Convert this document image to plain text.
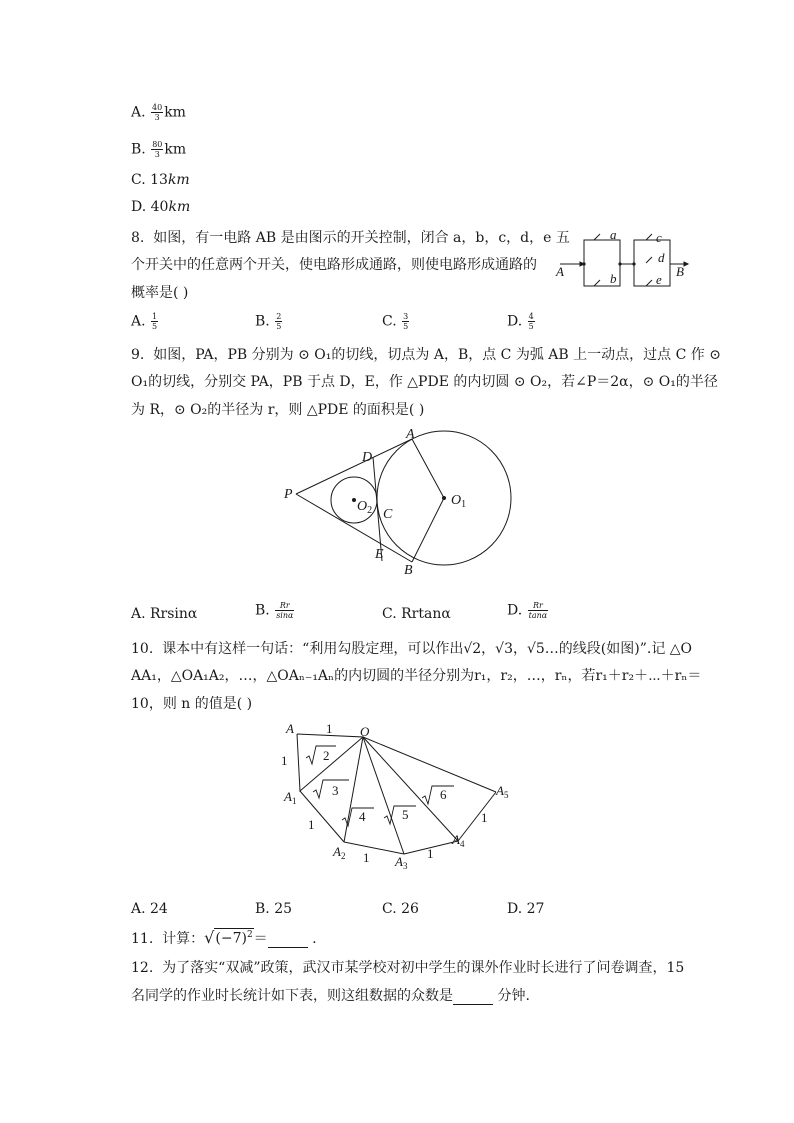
A. $\frac{40}{3}$ km
B. $\frac{80}{3}$ km
C. 13km
D. 40km
8. 如图，有一电路 AB 是由图示的开关控制，闭合 a，b，c，d，e 五
个开关中的任意两个开关，使电路形成通路，则使电路形成通路的
概率是( )
A	B
a
b
c
d
e
A. $\frac{1}{5}$	B. $\frac{2}{5}$	C. $\frac{3}{5}$	D. $\frac{4}{5}$
9. 如图，PA，PB 分别为 ⊙ O₁的切线，切点为 A，B，点 C 为弧 AB 上一动点，过点 C 作 ⊙
O₁的切线，分别交 PA，PB 于点 D，E，作 △PDE 的内切圆 ⊙ O₂，若∠P＝2α，⊙ O₁的半径
为 R，⊙ O₂的半径为 r，则 △PDE 的面积是( )
P
A
D
C
E
B
$O_1$
$O_2$
A. Rrsinα	B. $\frac{Rr}{\sin\alpha}$	C. Rrtanα	D. $\frac{Rr}{\tan\alpha}$
10. 课本中有这样一句话：“利用勾股定理，可以作出√2，√3，√5…的线段(如图)”.记 △O
AA₁，△OA₁A₂，…，△OAₙ₋₁Aₙ的内切圆的半径分别为r₁，r₂，…，rₙ，若r₁＋r₂＋⋯＋rₙ＝
10，则 n 的值是( )
A 1 O
1
$A_1$
1
$A_2$ 1 $A_3$
1
$A_4$
1
$A_5$
2
3
4	5
6
A. 24	B. 25	C. 26	D. 27
11. 计算：$√(-7)^2=$	.
12. 为了落实“双减”政策，武汉市某学校对初中学生的课外作业时长进行了问卷调查，15
名同学的作业时长统计如下表，则这组数据的众数是	分钟.
